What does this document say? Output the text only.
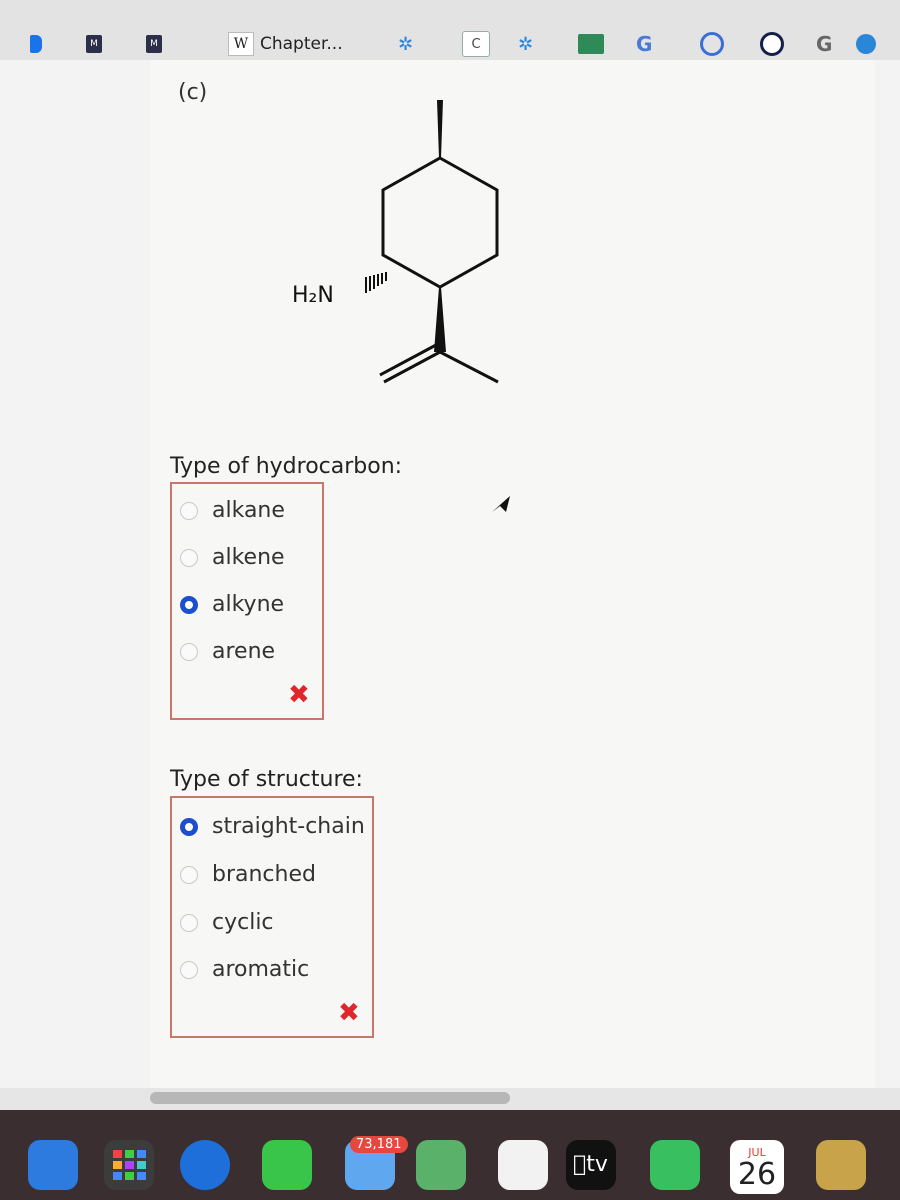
M	M	W Chapter...	✲	C	✲	G	G
(c)
H₂N
Type of hydrocarbon:
alkane
alkene
alkyne
arene
✖
Type of structure:
straight-chain
branched
cyclic
aromatic
✖
73,181
tv	JUL
26
